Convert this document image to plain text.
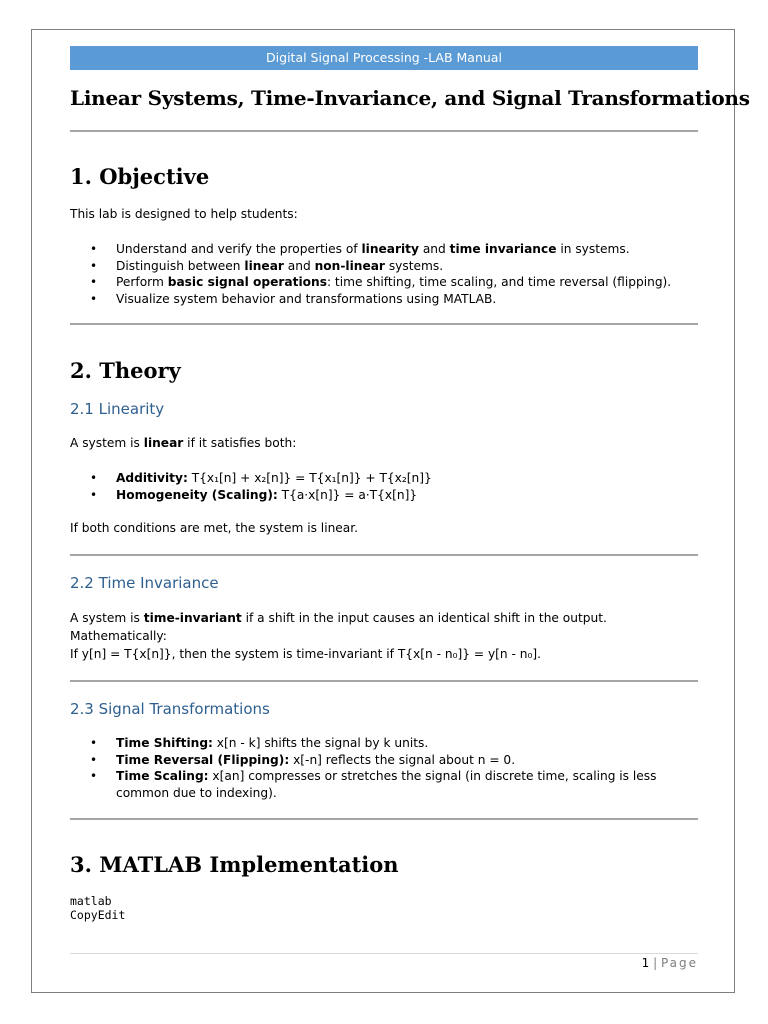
Digital Signal Processing -LAB Manual
Linear Systems, Time-Invariance, and Signal Transformations
1. Objective
This lab is designed to help students:
• Understand and verify the properties of linearity and time invariance in systems.
• Distinguish between linear and non-linear systems.
• Perform basic signal operations: time shifting, time scaling, and time reversal (flipping).
• Visualize system behavior and transformations using MATLAB.
2. Theory
2.1 Linearity
A system is linear if it satisfies both:
• Additivity: T{x₁[n] + x₂[n]} = T{x₁[n]} + T{x₂[n]}
• Homogeneity (Scaling): T{a·x[n]} = a·T{x[n]}
If both conditions are met, the system is linear.
2.2 Time Invariance
A system is time-invariant if a shift in the input causes an identical shift in the output.
Mathematically:
If y[n] = T{x[n]}, then the system is time-invariant if T{x[n - n₀]} = y[n - n₀].
2.3 Signal Transformations
• Time Shifting: x[n - k] shifts the signal by k units.
• Time Reversal (Flipping): x[-n] reflects the signal about n = 0.
• Time Scaling: x[an] compresses or stretches the signal (in discrete time, scaling is less common due to indexing).
3. MATLAB Implementation
matlab
CopyEdit
1 | Page
